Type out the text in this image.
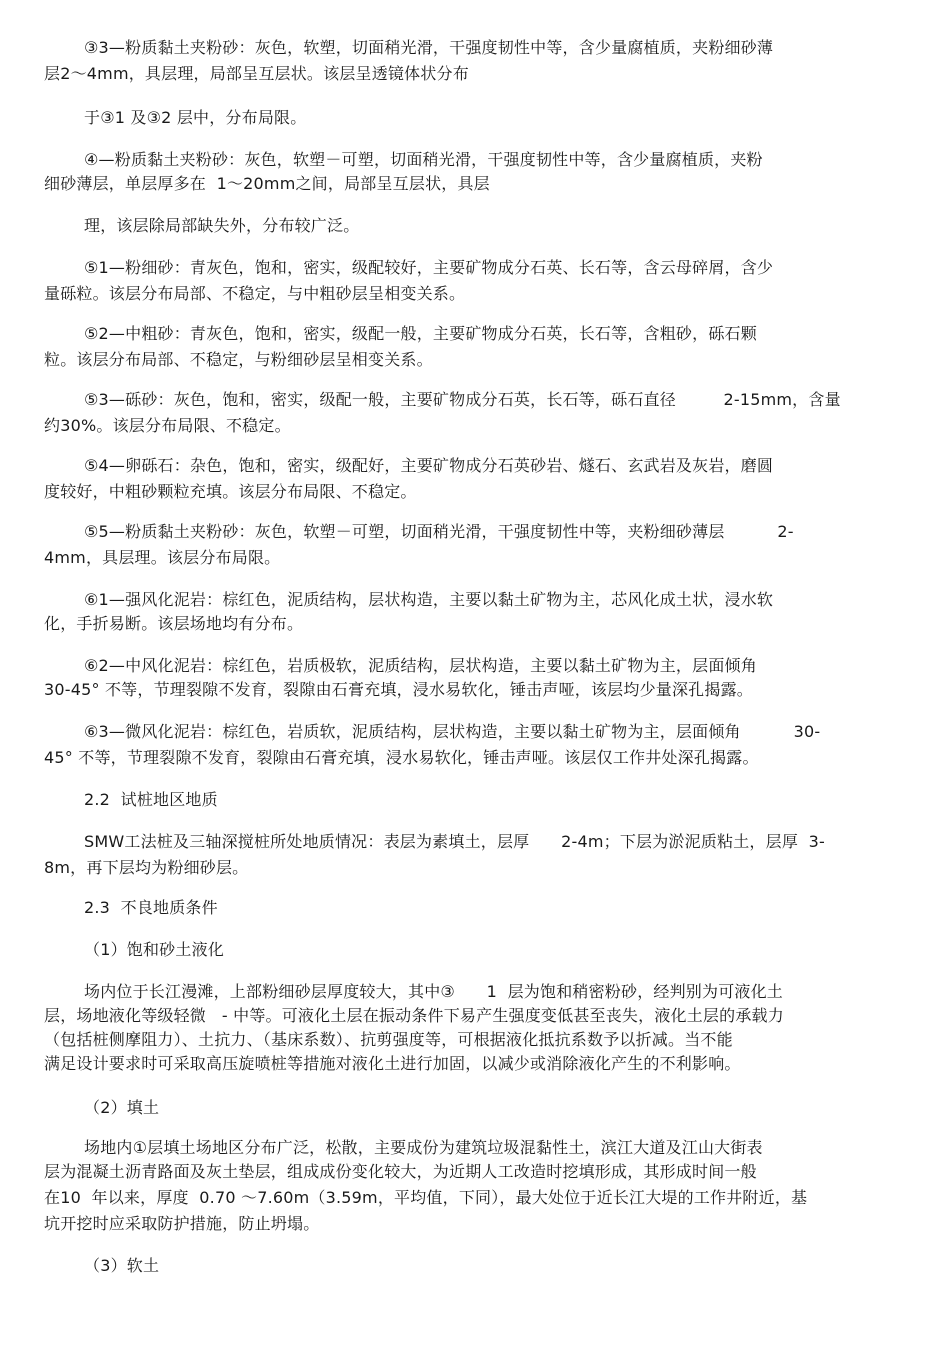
③3—粉质黏土夹粉砂：灰色，软塑，切面稍光滑，干强度韧性中等，含少量腐植质，夹粉细砂薄
层2～4mm，具层理，局部呈互层状。该层呈透镜体状分布
于③1 及③2 层中，分布局限。
④—粉质黏土夹粉砂：灰色，软塑－可塑，切面稍光滑，干强度韧性中等，含少量腐植质，夹粉
细砂薄层，单层厚多在  1～20mm之间，局部呈互层状，具层
理，该层除局部缺失外，分布较广泛。
⑤1—粉细砂：青灰色，饱和，密实，级配较好，主要矿物成分石英、长石等，含云母碎屑，含少
量砾粒。该层分布局部、不稳定，与中粗砂层呈相变关系。
⑤2—中粗砂：青灰色，饱和，密实，级配一般，主要矿物成分石英，长石等，含粗砂，砾石颗
粒。该层分布局部、不稳定，与粉细砂层呈相变关系。
⑤3—砾砂：灰色，饱和，密实，级配一般，主要矿物成分石英，长石等，砾石直径         2-15mm，含量
约30%。该层分布局限、不稳定。
⑤4—卵砾石：杂色，饱和，密实，级配好，主要矿物成分石英砂岩、燧石、玄武岩及灰岩，磨圆
度较好，中粗砂颗粒充填。该层分布局限、不稳定。
⑤5—粉质黏土夹粉砂：灰色，软塑－可塑，切面稍光滑，干强度韧性中等，夹粉细砂薄层          2-
4mm，具层理。该层分布局限。
⑥1—强风化泥岩：棕红色，泥质结构，层状构造，主要以黏土矿物为主，芯风化成土状，浸水软
化，手折易断。该层场地均有分布。
⑥2—中风化泥岩：棕红色，岩质极软，泥质结构，层状构造，主要以黏土矿物为主，层面倾角
30-45° 不等，节理裂隙不发育，裂隙由石膏充填，浸水易软化，锤击声哑，该层均少量深孔揭露。
⑥3—微风化泥岩：棕红色，岩质软，泥质结构，层状构造，主要以黏土矿物为主，层面倾角          30-
45° 不等，节理裂隙不发育，裂隙由石膏充填，浸水易软化，锤击声哑。该层仅工作井处深孔揭露。
2.2  试桩地区地质
SMW工法桩及三轴深搅桩所处地质情况：表层为素填土，层厚      2-4m；下层为淤泥质粘土，层厚  3-
8m，再下层均为粉细砂层。
2.3  不良地质条件
（1）饱和砂土液化
场内位于长江漫滩，上部粉细砂层厚度较大，其中③      1  层为饱和稍密粉砂，经判别为可液化土
层，场地液化等级轻微   - 中等。可液化土层在振动条件下易产生强度变低甚至丧失，液化土层的承载力
（包括桩侧摩阻力）、土抗力、（基床系数）、抗剪强度等，可根据液化抵抗系数予以折减。当不能
满足设计要求时可采取高压旋喷桩等措施对液化土进行加固，以减少或消除液化产生的不利影响。
（2）填土
场地内①层填土场地区分布广泛，松散，主要成份为建筑垃圾混黏性土，滨江大道及江山大街表
层为混凝土沥青路面及灰土垫层，组成成份变化较大，为近期人工改造时挖填形成，其形成时间一般
在10  年以来，厚度  0.70 ～7.60m（3.59m，平均值，下同），最大处位于近长江大堤的工作井附近，基
坑开挖时应采取防护措施，防止坍塌。
（3）软土
